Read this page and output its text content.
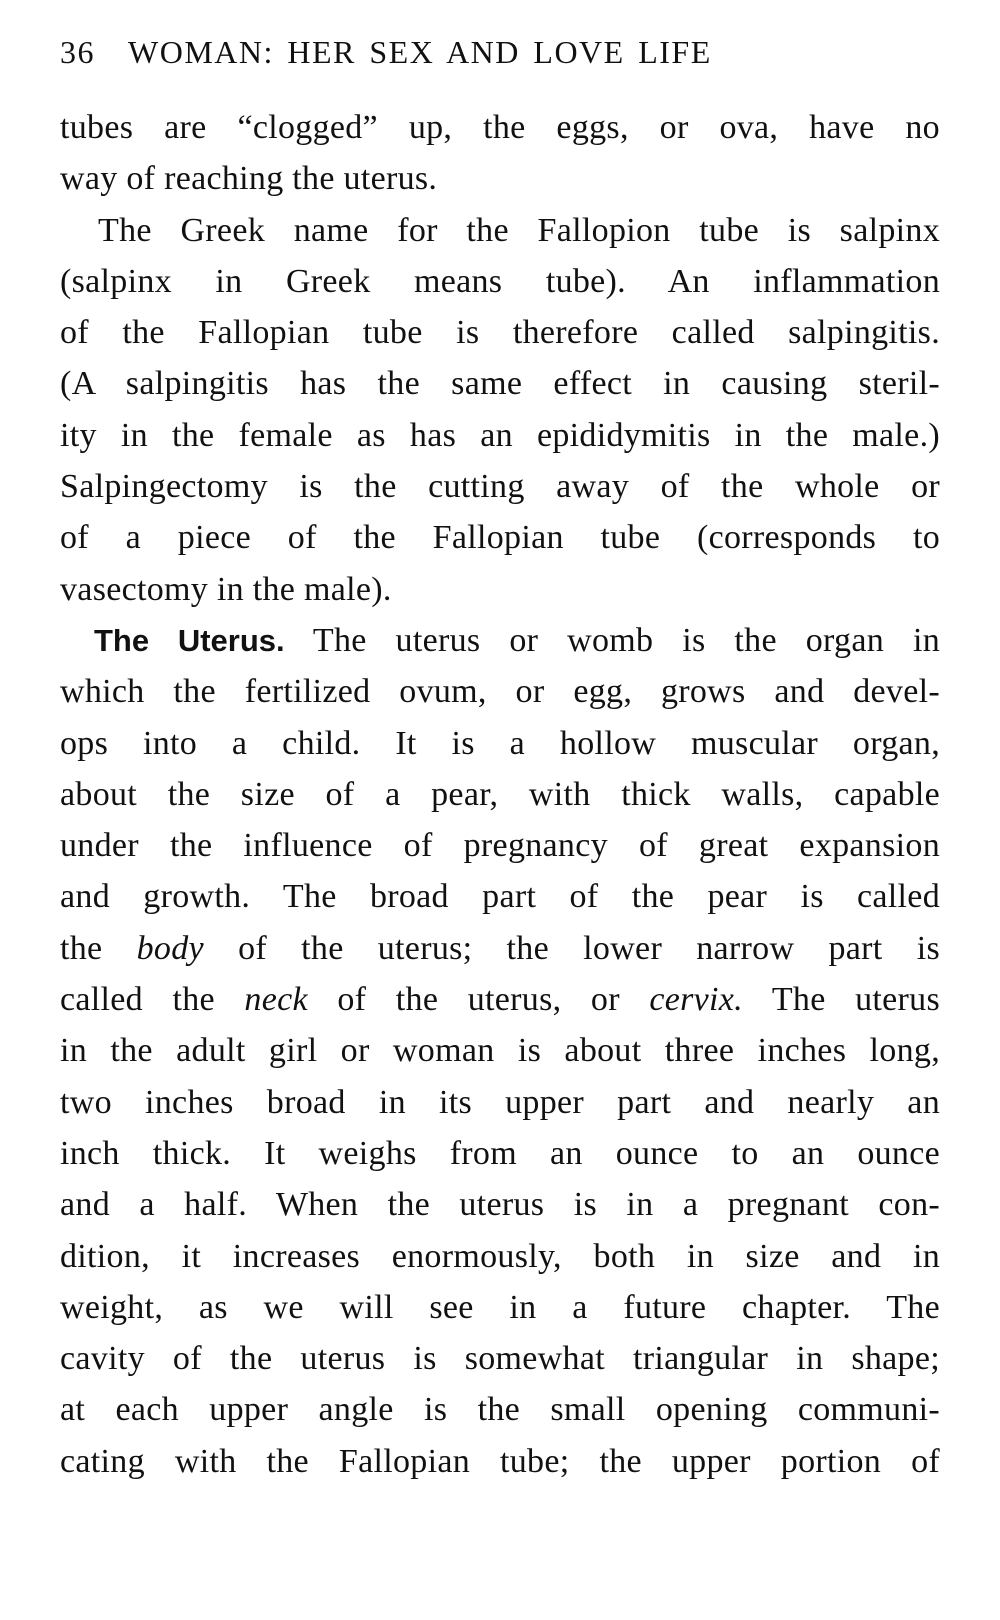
36	WOMAN: HER SEX AND LOVE LIFE
tubes are “clogged” up, the eggs, or ova, have no
way of reaching the uterus.
The Greek name for the Fallopion tube is salpinx
(salpinx in Greek means tube). An inflammation
of the Fallopian tube is therefore called salpingitis.
(A salpingitis has the same effect in causing steril-
ity in the female as has an epididymitis in the male.)
Salpingectomy is the cutting away of the whole or
of a piece of the Fallopian tube (corresponds to
vasectomy in the male).
The Uterus. The uterus or womb is the organ in
which the fertilized ovum, or egg, grows and devel-
ops into a child. It is a hollow muscular organ,
about the size of a pear, with thick walls, capable
under the influence of pregnancy of great expansion
and growth. The broad part of the pear is called
the body of the uterus; the lower narrow part is
called the neck of the uterus, or cervix. The uterus
in the adult girl or woman is about three inches long,
two inches broad in its upper part and nearly an
inch thick. It weighs from an ounce to an ounce
and a half. When the uterus is in a pregnant con-
dition, it increases enormously, both in size and in
weight, as we will see in a future chapter. The
cavity of the uterus is somewhat triangular in shape;
at each upper angle is the small opening communi-
cating with the Fallopian tube; the upper portion of
